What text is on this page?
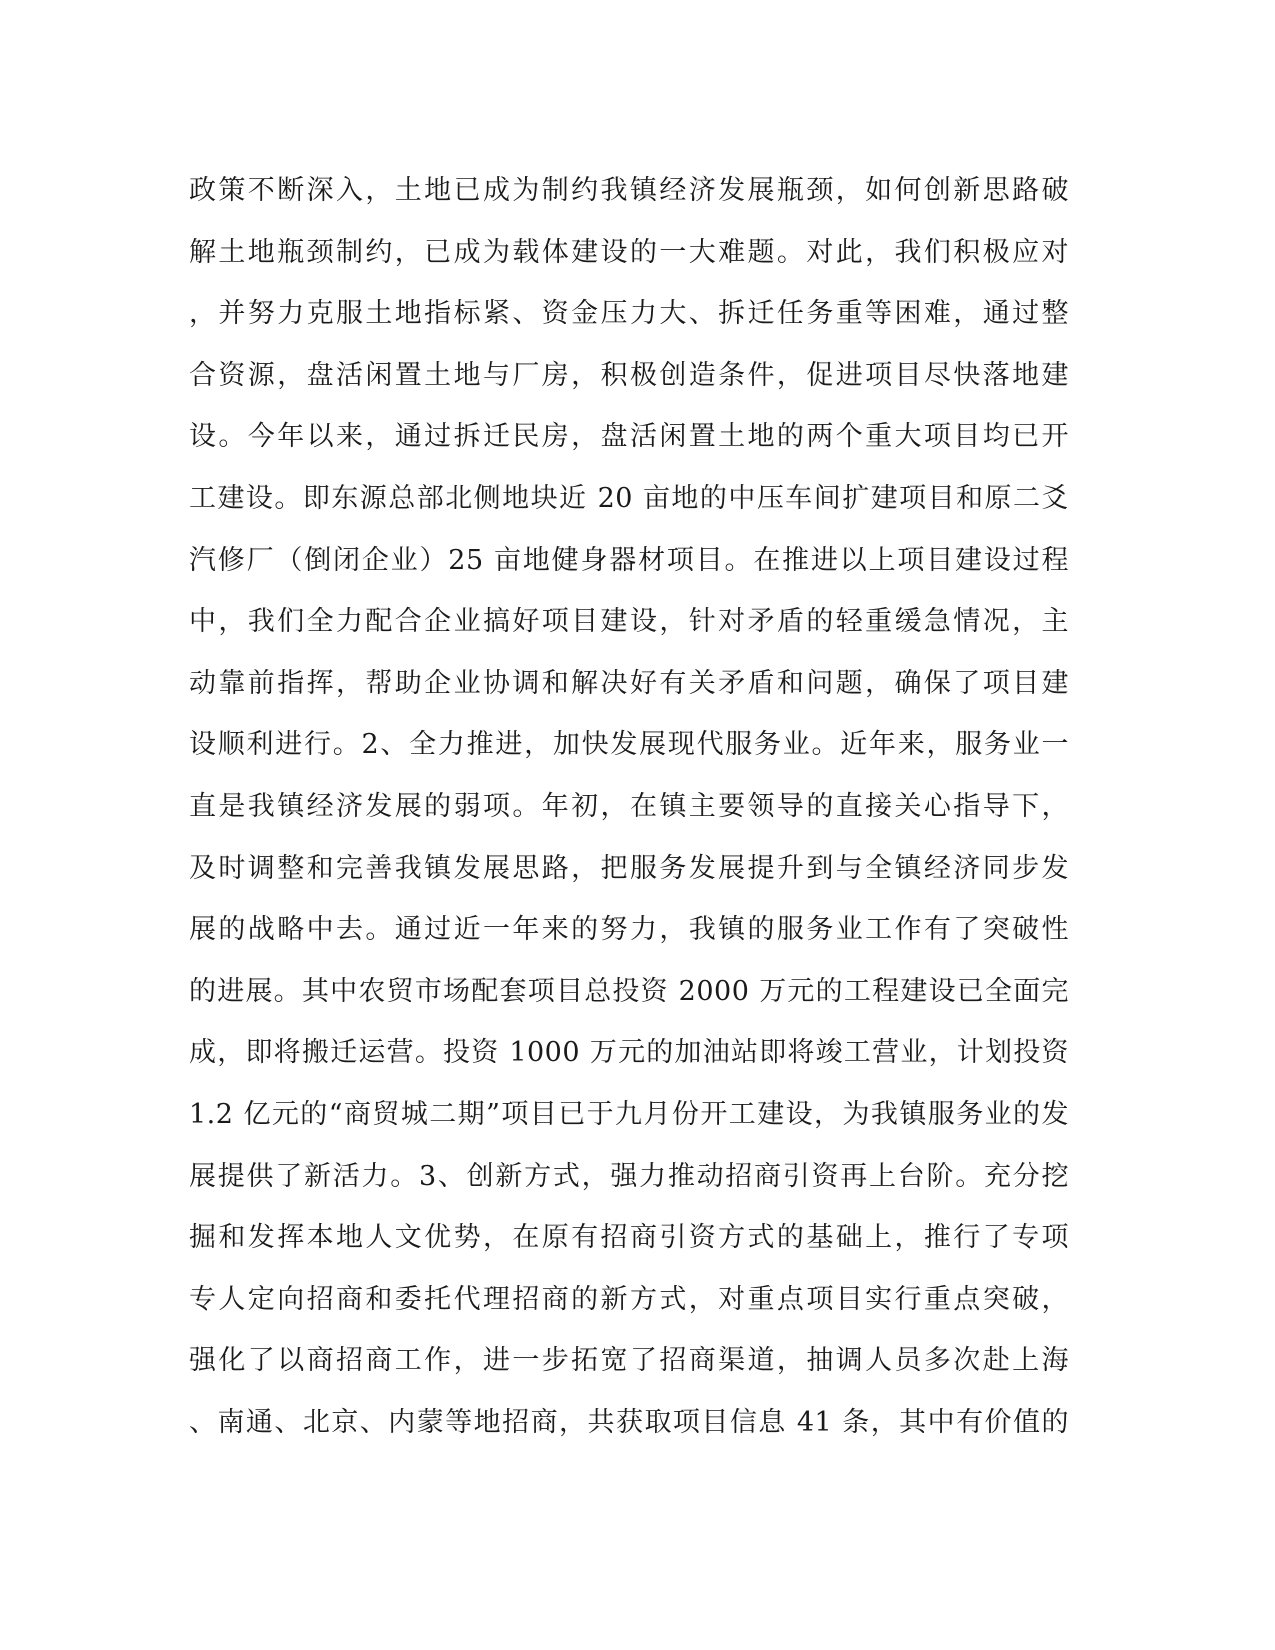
政策不断深入，土地已成为制约我镇经济发展瓶颈，如何创新思路破
解土地瓶颈制约，已成为载体建设的一大难题。对此，我们积极应对
，并努力克服土地指标紧、资金压力大、拆迁任务重等困难，通过整
合资源，盘活闲置土地与厂房，积极创造条件，促进项目尽快落地建
设。今年以来，通过拆迁民房，盘活闲置土地的两个重大项目均已开
工建设。即东源总部北侧地块近 20 亩地的中压车间扩建项目和原二爻
汽修厂（倒闭企业）25 亩地健身器材项目。在推进以上项目建设过程
中，我们全力配合企业搞好项目建设，针对矛盾的轻重缓急情况，主
动靠前指挥，帮助企业协调和解决好有关矛盾和问题，确保了项目建
设顺利进行。2、全力推进，加快发展现代服务业。近年来，服务业一
直是我镇经济发展的弱项。年初，在镇主要领导的直接关心指导下，
及时调整和完善我镇发展思路，把服务发展提升到与全镇经济同步发
展的战略中去。通过近一年来的努力，我镇的服务业工作有了突破性
的进展。其中农贸市场配套项目总投资 2000 万元的工程建设已全面完
成，即将搬迁运营。投资 1000 万元的加油站即将竣工营业，计划投资
1.2 亿元的“商贸城二期”项目已于九月份开工建设，为我镇服务业的发
展提供了新活力。3、创新方式，强力推动招商引资再上台阶。充分挖
掘和发挥本地人文优势，在原有招商引资方式的基础上，推行了专项
专人定向招商和委托代理招商的新方式，对重点项目实行重点突破，
强化了以商招商工作，进一步拓宽了招商渠道，抽调人员多次赴上海
、南通、北京、内蒙等地招商，共获取项目信息 41 条，其中有价值的
